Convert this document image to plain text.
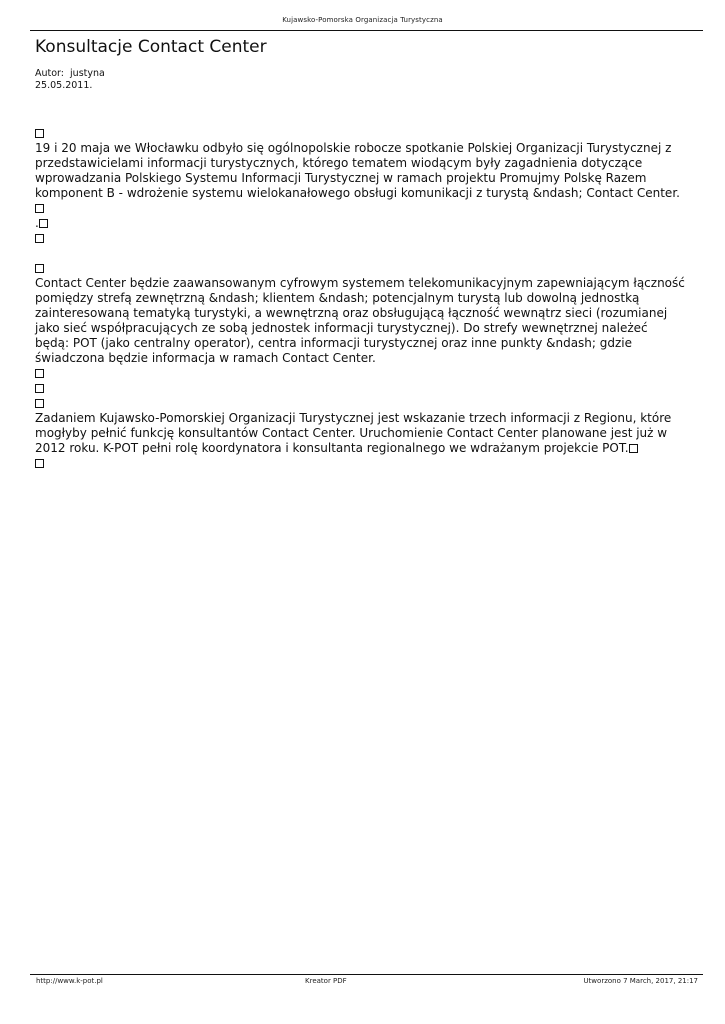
Kujawsko-Pomorska Organizacja Turystyczna
Konsultacje Contact Center
Autor:  justyna
25.05.2011.
19 i 20 maja we Włocławku odbyło się ogólnopolskie robocze spotkanie Polskiej Organizacji Turystycznej z przedstawicielami informacji turystycznych, którego tematem wiodącym były zagadnienia dotyczące wprowadzania Polskiego Systemu Informacji Turystycznej w ramach projektu Promujmy Polskę Razem komponent B - wdrożenie systemu wielokanałowego obsługi komunikacji z turystą &ndash; Contact Center.
.
Contact Center będzie zaawansowanym cyfrowym systemem telekomunikacyjnym zapewniającym łączność pomiędzy strefą zewnętrzną &ndash; klientem &ndash; potencjalnym turystą lub dowolną jednostką zainteresowaną tematyką turystyki, a wewnętrzną oraz obsługującą łączność wewnątrz sieci (rozumianej jako sieć współpracujących ze sobą jednostek informacji turystycznej). Do strefy wewnętrznej należeć będą: POT (jako centralny operator), centra informacji turystycznej oraz inne punkty &ndash; gdzie świadczona będzie informacja w ramach Contact Center.
Zadaniem Kujawsko-Pomorskiej Organizacji Turystycznej jest wskazanie trzech informacji z Regionu, które mogłyby pełnić funkcję konsultantów Contact Center. Uruchomienie Contact Center planowane jest już w 2012 roku. K-POT pełni rolę koordynatora i konsultanta regionalnego we wdrażanym projekcie POT.
http://www.k-pot.pl	Kreator PDF	Utworzono 7 March, 2017, 21:17
